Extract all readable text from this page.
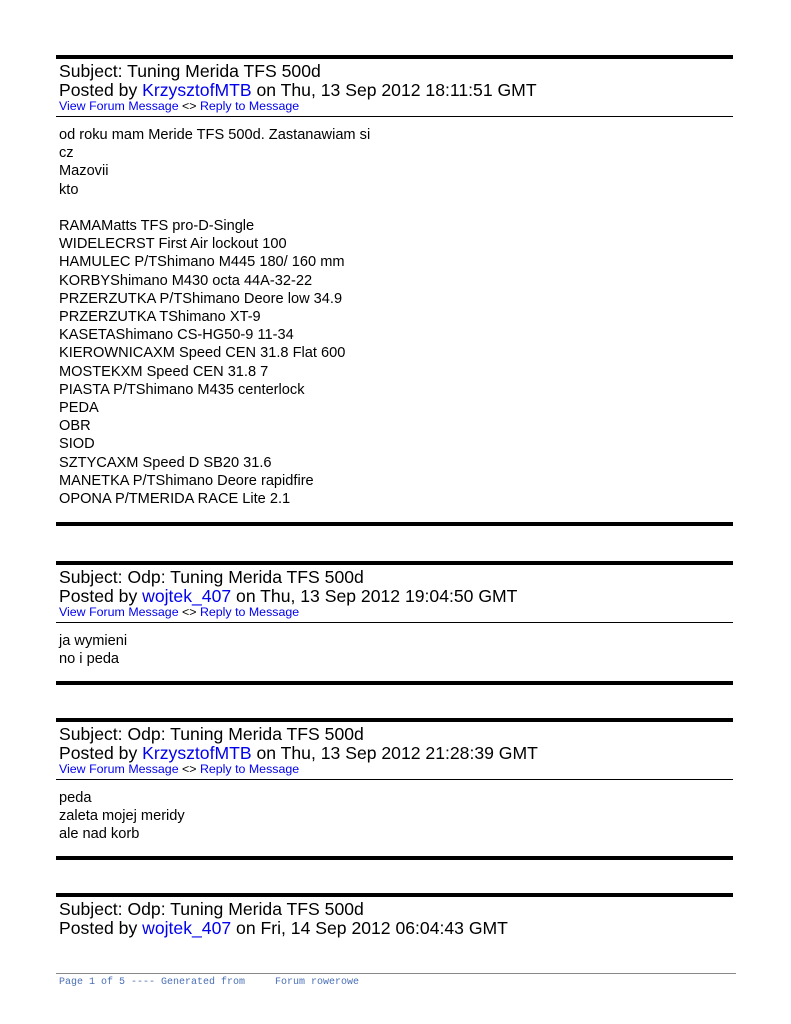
Subject: Tuning Merida TFS 500d
Posted by KrzysztofMTB on Thu, 13 Sep 2012 18:11:51 GMT
View Forum Message <> Reply to Message
od roku mam Meride TFS 500d. Zastanawiam si
cz
Mazovii
kto
RAMAMatts TFS pro-D-Single
WIDELECRST First Air lockout 100
HAMULEC P/TShimano M445 180/ 160 mm
KORBYShimano M430 octa 44A-32-22
PRZERZUTKA P/TShimano Deore low 34.9
PRZERZUTKA TShimano XT-9
KASETAShimano CS-HG50-9 11-34
KIEROWNICAXM Speed CEN 31.8 Flat 600
MOSTEKXM Speed CEN 31.8 7
PIASTA P/TShimano M435 centerlock
PEDA
OBR
SIOD
SZTYCAXM Speed D SB20 31.6
MANETKA P/TShimano Deore rapidfire
OPONA P/TMERIDA RACE Lite 2.1
Subject: Odp: Tuning Merida TFS 500d
Posted by wojtek_407 on Thu, 13 Sep 2012 19:04:50 GMT
View Forum Message <> Reply to Message
ja wymieni
no i peda
Subject: Odp: Tuning Merida TFS 500d
Posted by KrzysztofMTB on Thu, 13 Sep 2012 21:28:39 GMT
View Forum Message <> Reply to Message
peda
zaleta mojej meridy
ale nad korb
Subject: Odp: Tuning Merida TFS 500d
Posted by wojtek_407 on Fri, 14 Sep 2012 06:04:43 GMT
Page 1 of 5 ---- Generated from     Forum rowerowe
